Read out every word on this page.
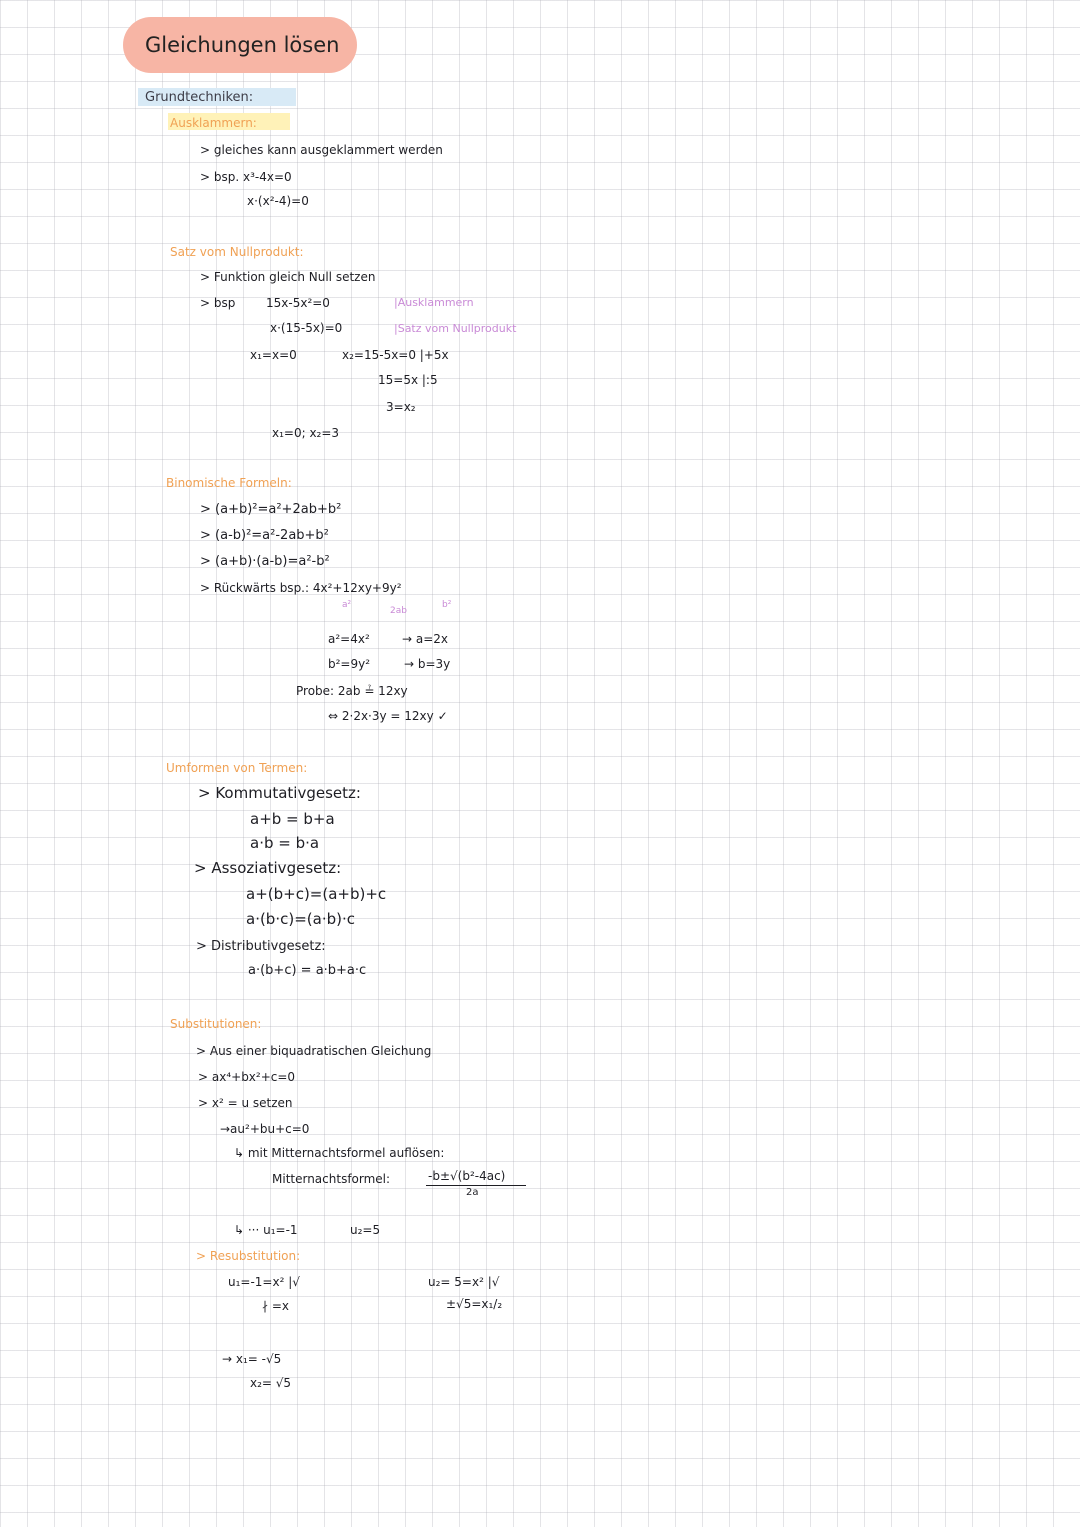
Gleichungen lösen
Grundtechniken:
Ausklammern:
> gleiches kann ausgeklammert werden
> bsp. x³-4x=0
x·(x²-4)=0
Satz vom Nullprodukt:
> Funktion gleich Null setzen
> bsp	15x-5x²=0	|Ausklammern
x·(15-5x)=0	|Satz vom Nullprodukt
x₁=x=0	x₂=15-5x=0 |+5x
15=5x |:5
3=x₂
x₁=0; x₂=3
Binomische Formeln:
> (a+b)²=a²+2ab+b²
> (a-b)²=a²-2ab+b²
> (a+b)·(a-b)=a²-b²
> Rückwärts bsp.: 4x²+12xy+9y²
a²
2ab
b²
a²=4x²	→ a=2x
b²=9y²	→ b=3y
Probe: 2ab ≟ 12xy
⇔ 2·2x·3y = 12xy ✓
Umformen von Termen:
> Kommutativgesetz:
a+b = b+a
a·b = b·a
> Assoziativgesetz:
a+(b+c)=(a+b)+c
a·(b·c)=(a·b)·c
> Distributivgesetz:
a·(b+c) = a·b+a·c
Substitutionen:
> Aus einer biquadratischen Gleichung
> ax⁴+bx²+c=0
> x² = u setzen
→au²+bu+c=0
↳ mit Mitternachtsformel auflösen:
Mitternachtsformel:	-b±√(b²-4ac)
2a
↳ ··· u₁=-1	u₂=5
> Resubstitution:
u₁=-1=x² |√
∤ =x
u₂= 5=x² |√
±√5=x₁/₂
→ x₁= -√5
x₂= √5
